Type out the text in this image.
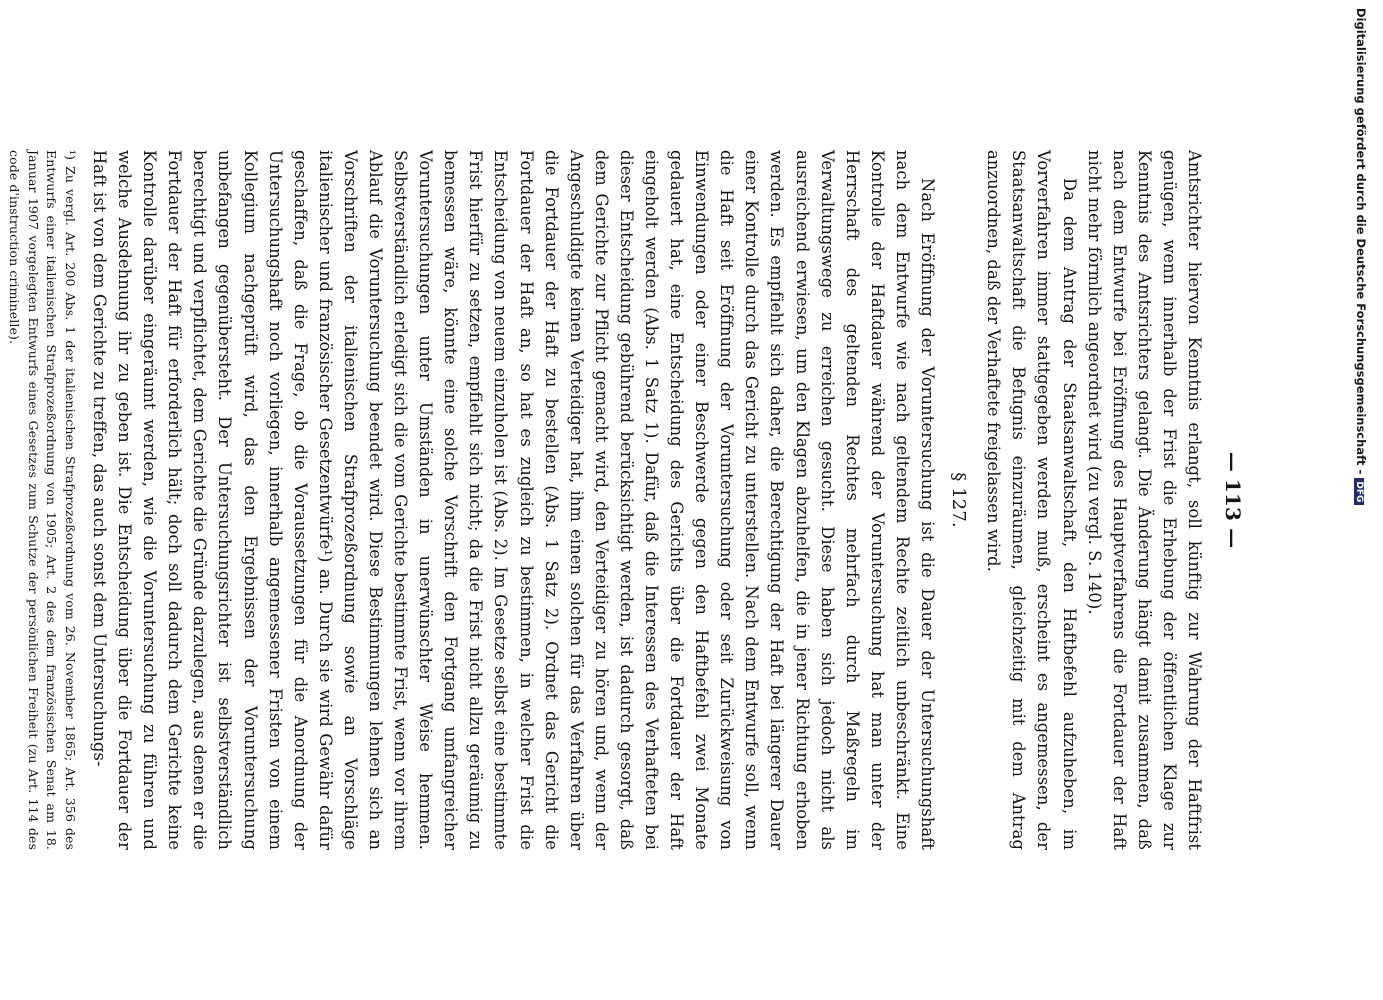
— 113 —

Amtsrichter hiervon Kenntnis erlangt, soll künftig zur Wahrung der Haftfrist genügen, wenn innerhalb der Frist die Erhebung der öffentlichen Klage zur Kenntnis des Amtsrichters gelangt. Die Änderung hängt damit zusammen, daß nach dem Entwurfe bei Eröffnung des Hauptverfahrens die Fortdauer der Haft nicht mehr förmlich angeordnet wird (zu vergl. S. 140).

Da dem Antrag der Staatsanwaltschaft, den Haftbefehl aufzuheben, im Vorverfahren immer stattgegeben werden muß, erscheint es angemessen, der Staatsanwaltschaft die Befugnis einzuräumen, gleichzeitig mit dem Antrag anzuordnen, daß der Verhaftete freigelassen wird.

§ 127.

Nach Eröffnung der Voruntersuchung ist die Dauer der Untersuchungshaft nach dem Entwurfe wie nach geltendem Rechte zeitlich unbeschränkt. Eine Kontrolle der Haftdauer während der Voruntersuchung hat man unter der Herrschaft des geltenden Rechtes mehrfach durch Maßregeln im Verwaltungswege zu erreichen gesucht. Diese haben sich jedoch nicht als ausreichend erwiesen, um den Klagen abzuhelfen, die in jener Richtung erhoben werden. Es empfiehlt sich daher, die Berechtigung der Haft bei längerer Dauer einer Kontrolle durch das Gericht zu unterstellen. Nach dem Entwurfe soll, wenn die Haft seit Eröffnung der Voruntersuchung oder seit Zurückweisung von Einwendungen oder einer Beschwerde gegen den Haftbefehl zwei Monate gedauert hat, eine Entscheidung des Gerichts über die Fortdauer der Haft eingeholt werden (Abs. 1 Satz 1). Dafür, daß die Interessen des Verhafteten bei dieser Entscheidung gebührend berücksichtigt werden, ist dadurch gesorgt, daß dem Gerichte zur Pflicht gemacht wird, den Verteidiger zu hören und, wenn der Angeschuldigte keinen Verteidiger hat, ihm einen solchen für das Verfahren über die Fortdauer der Haft zu bestellen (Abs. 1 Satz 2). Ordnet das Gericht die Fortdauer der Haft an, so hat es zugleich zu bestimmen, in welcher Frist die Entscheidung von neuem einzuholen ist (Abs. 2). Im Gesetze selbst eine bestimmte Frist hierfür zu setzen, empfiehlt sich nicht; da die Frist nicht allzu geräumig zu bemessen wäre, könnte eine solche Vorschrift den Fortgang umfangreicher Voruntersuchungen unter Umständen in unerwünschter Weise hemmen. Selbstverständlich erledigt sich die vom Gerichte bestimmte Frist, wenn vor ihrem Ablauf die Voruntersuchung beendet wird. Diese Bestimmungen lehnen sich an Vorschriften der italienischen Strafprozeßordnung sowie an Vorschläge italienischer und französischer Gesetzentwürfe¹) an. Durch sie wird Gewähr dafür geschaffen, daß die Frage, ob die Voraussetzungen für die Anordnung der Untersuchungshaft noch vorliegen, innerhalb angemessener Fristen von einem Kollegium nachgeprüft wird, das den Ergebnissen der Voruntersuchung unbefangen gegenübersteht. Der Untersuchungsrichter ist selbstverständlich berechtigt und verpflichtet, dem Gerichte die Gründe darzulegen, aus denen er die Fortdauer der Haft für erforderlich hält; doch soll dadurch dem Gerichte keine Kontrolle darüber eingeräumt werden, wie die Voruntersuchung zu führen und welche Ausdehnung ihr zu geben ist. Die Entscheidung über die Fortdauer der Haft ist von dem Gerichte zu treffen, das auch sonst dem Untersuchungs-

¹) Zu vergl. Art. 200 Abs. 1 der italienischen Strafprozeßordnung vom 26. November 1865; Art. 356 des Entwurfs einer italienischen Strafprozeßordnung von 1905; Art. 2 des dem französischen Senat am 18. Januar 1907 vorgelegten Entwurfs eines Gesetzes zum Schutze der persönlichen Freiheit (zu Art. 114 des code d'instruction criminelle).	Digitalisierung gefördert durch die Deutsche Forschungsgemeinschaft -DFG
